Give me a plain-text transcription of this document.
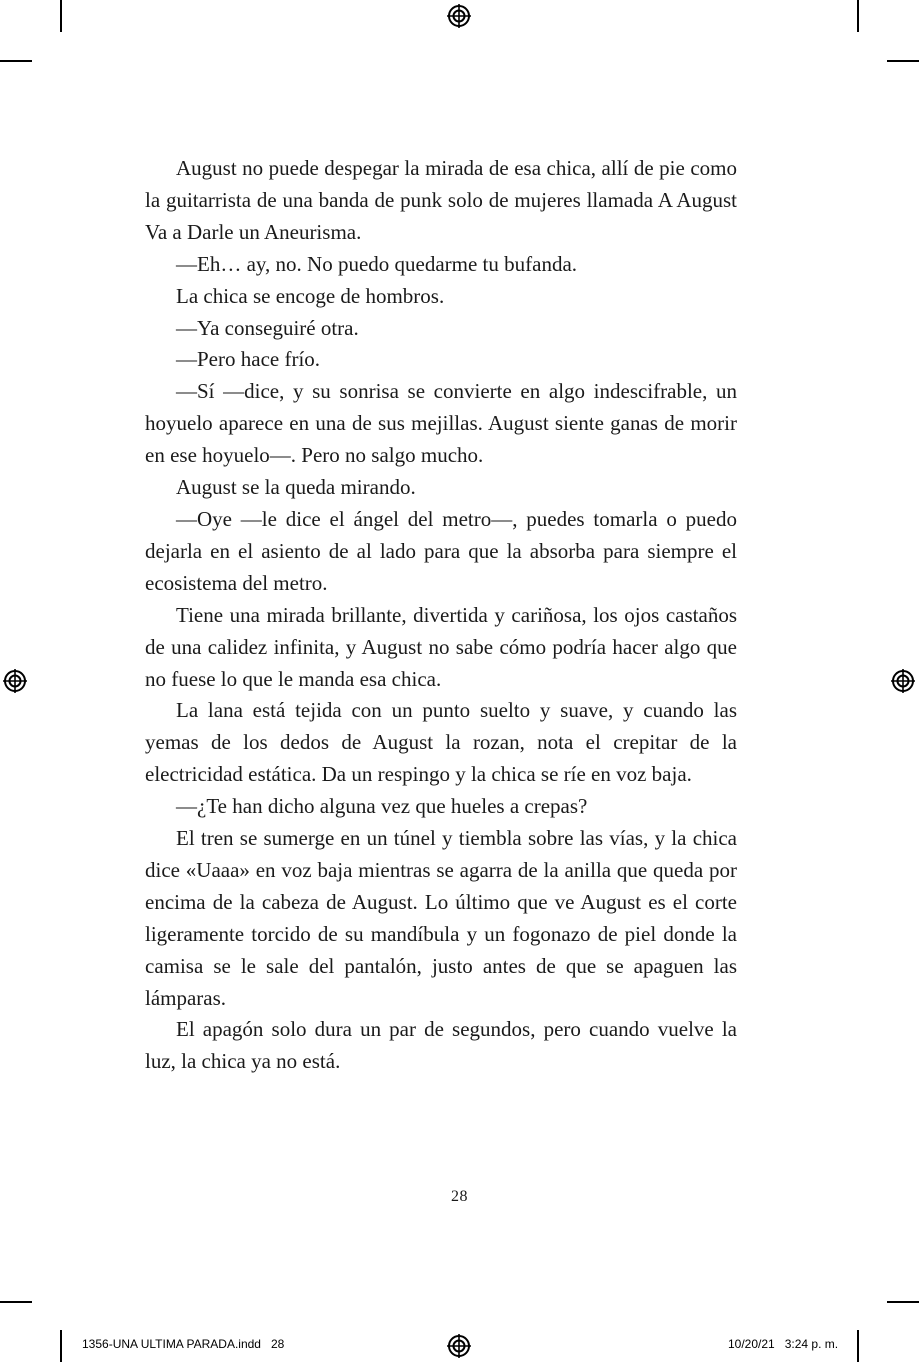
August no puede despegar la mirada de esa chica, allí de pie como la guitarrista de una banda de punk solo de mujeres llamada A August Va a Darle un Aneurisma.

—Eh… ay, no. No puedo quedarme tu bufanda.

La chica se encoge de hombros.

—Ya conseguiré otra.

—Pero hace frío.

—Sí —dice, y su sonrisa se convierte en algo indescifrable, un hoyuelo aparece en una de sus mejillas. August siente ganas de morir en ese hoyuelo—. Pero no salgo mucho.

August se la queda mirando.

—Oye —le dice el ángel del metro—, puedes tomarla o puedo dejarla en el asiento de al lado para que la absorba para siempre el ecosistema del metro.

Tiene una mirada brillante, divertida y cariñosa, los ojos castaños de una calidez infinita, y August no sabe cómo podría hacer algo que no fuese lo que le manda esa chica.

La lana está tejida con un punto suelto y suave, y cuando las yemas de los dedos de August la rozan, nota el crepitar de la electricidad estática. Da un respingo y la chica se ríe en voz baja.

—¿Te han dicho alguna vez que hueles a crepas?

El tren se sumerge en un túnel y tiembla sobre las vías, y la chica dice «Uaaa» en voz baja mientras se agarra de la anilla que queda por encima de la cabeza de August. Lo último que ve August es el corte ligeramente torcido de su mandíbula y un fogonazo de piel donde la camisa se le sale del pantalón, justo antes de que se apaguen las lámparas.

El apagón solo dura un par de segundos, pero cuando vuelve la luz, la chica ya no está.

28
1356-UNA ULTIMA PARADA.indd   28	10/20/21   3:24 p. m.
